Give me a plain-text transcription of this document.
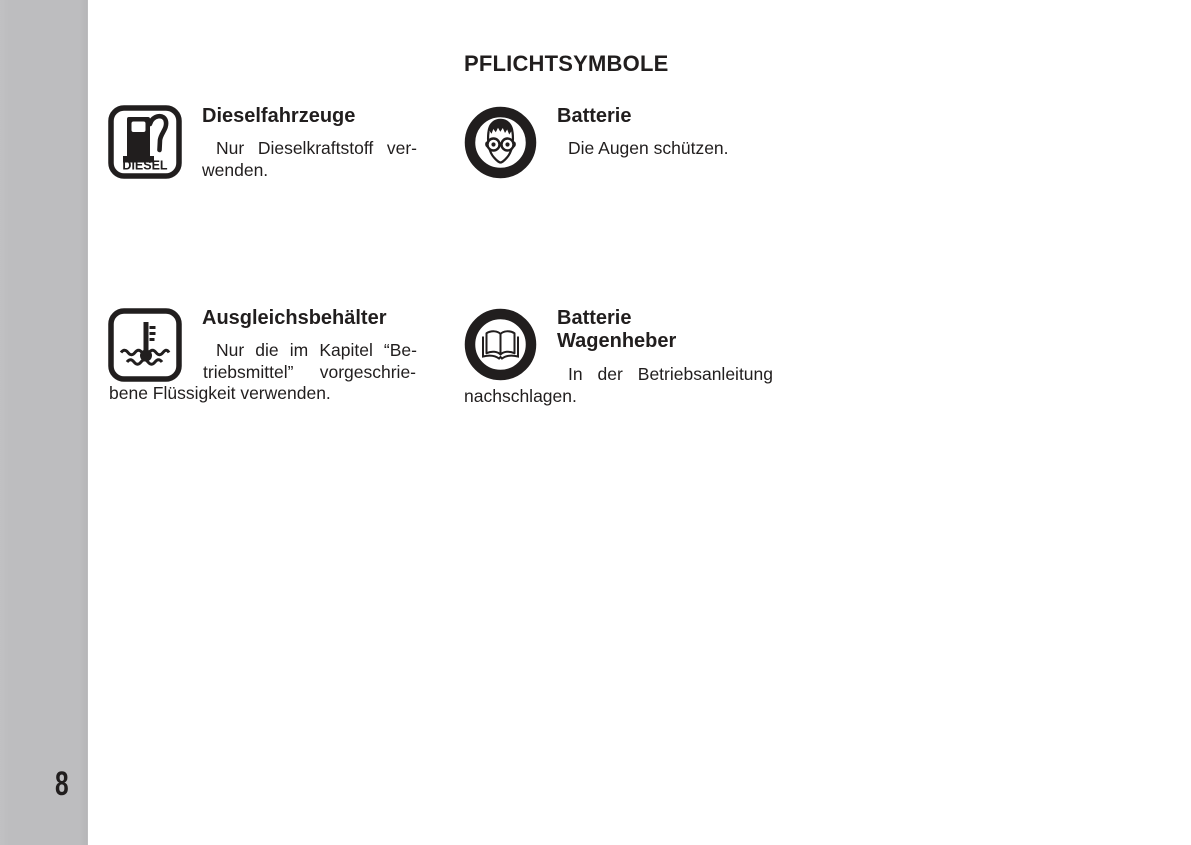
8
PFLICHTSYMBOLE
DIESEL
Dieselfahrzeuge
Nur Dieselkraftstoff ver-
wenden.
Batterie
Die Augen schützen.
Ausgleichsbehälter
Nur die im Kapitel “Be-
triebsmittel” vorgeschrie-
bene Flüssigkeit verwenden.
Batterie
Wagenheber
In der Betriebsanleitung
nachschlagen.
